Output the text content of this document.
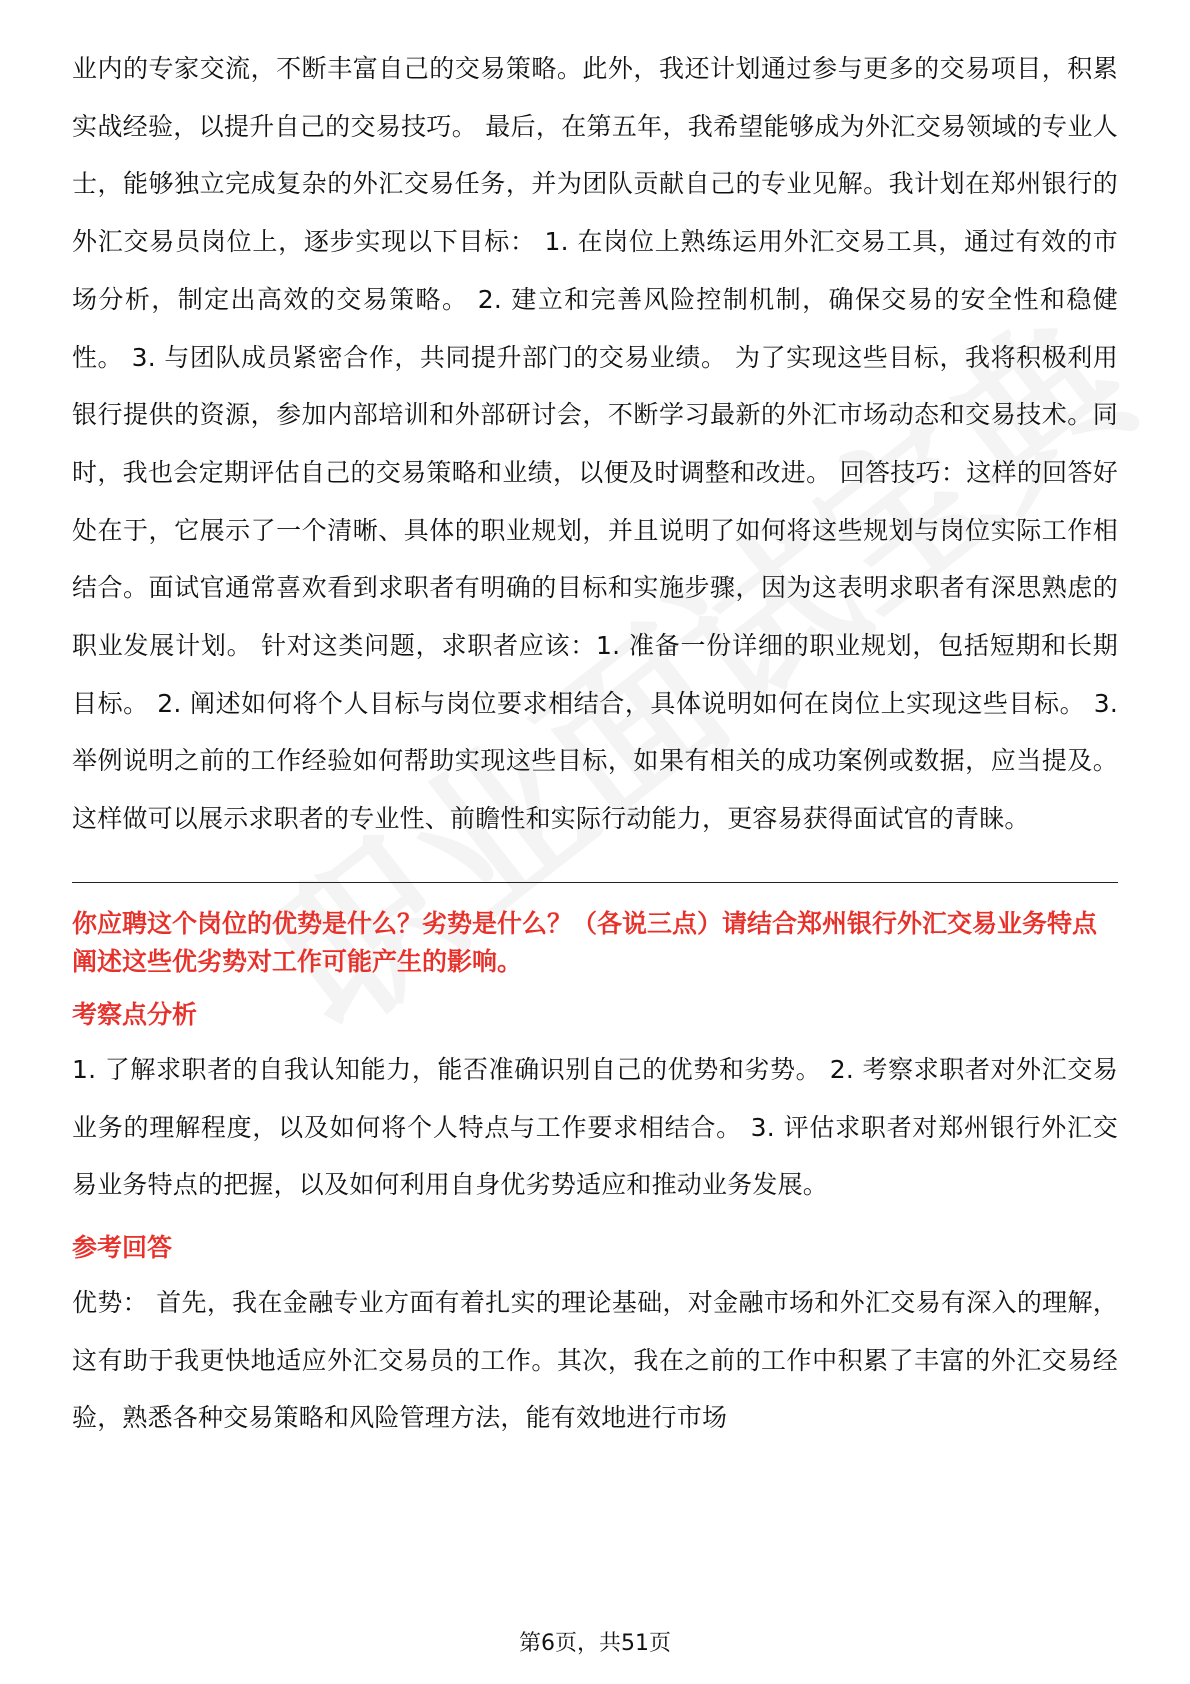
业内的专家交流，不断丰富自己的交易策略。此外，我还计划通过参与更多的交易项目，积累实战经验，以提升自己的交易技巧。 最后，在第五年，我希望能够成为外汇交易领域的专业人士，能够独立完成复杂的外汇交易任务，并为团队贡献自己的专业见解。我计划在郑州银行的外汇交易员岗位上，逐步实现以下目标： 1. 在岗位上熟练运用外汇交易工具，通过有效的市场分析，制定出高效的交易策略。 2. 建立和完善风险控制机制，确保交易的安全性和稳健性。 3. 与团队成员紧密合作，共同提升部门的交易业绩。 为了实现这些目标，我将积极利用银行提供的资源，参加内部培训和外部研讨会，不断学习最新的外汇市场动态和交易技术。同时，我也会定期评估自己的交易策略和业绩，以便及时调整和改进。 回答技巧：这样的回答好处在于，它展示了一个清晰、具体的职业规划，并且说明了如何将这些规划与岗位实际工作相结合。面试官通常喜欢看到求职者有明确的目标和实施步骤，因为这表明求职者有深思熟虑的职业发展计划。 针对这类问题，求职者应该：1. 准备一份详细的职业规划，包括短期和长期目标。 2. 阐述如何将个人目标与岗位要求相结合，具体说明如何在岗位上实现这些目标。 3. 举例说明之前的工作经验如何帮助实现这些目标，如果有相关的成功案例或数据，应当提及。 这样做可以展示求职者的专业性、前瞻性和实际行动能力，更容易获得面试官的青睐。

你应聘这个岗位的优势是什么？劣势是什么？（各说三点）请结合郑州银行外汇交易业务特点阐述这些优劣势对工作可能产生的影响。

考察点分析

1. 了解求职者的自我认知能力，能否准确识别自己的优势和劣势。 2. 考察求职者对外汇交易业务的理解程度，以及如何将个人特点与工作要求相结合。 3. 评估求职者对郑州银行外汇交易业务特点的把握，以及如何利用自身优劣势适应和推动业务发展。

参考回答

优势： 首先，我在金融专业方面有着扎实的理论基础，对金融市场和外汇交易有深入的理解，这有助于我更快地适应外汇交易员的工作。其次，我在之前的工作中积累了丰富的外汇交易经验，熟悉各种交易策略和风险管理方法，能有效地进行市场

第6页，共51页
